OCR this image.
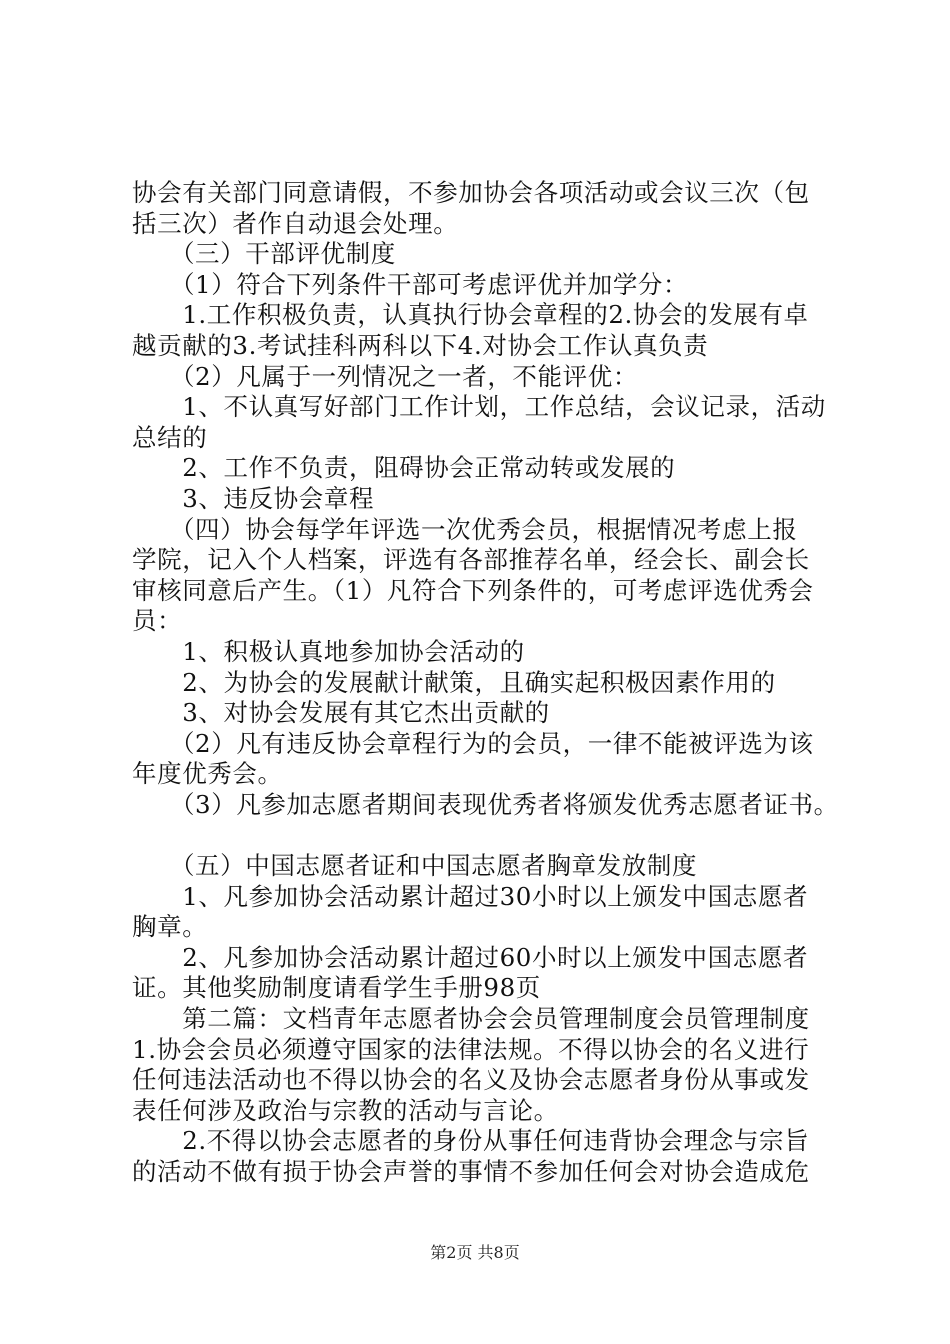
协会有关部门同意请假，不参加协会各项活动或会议三次（包
括三次）者作自动退会处理。
　　（三）干部评优制度
　　（1）符合下列条件干部可考虑评优并加学分：
　　1.工作积极负责，认真执行协会章程的2.协会的发展有卓
越贡献的3.考试挂科两科以下4.对协会工作认真负责
　　（2）凡属于一列情况之一者，不能评优：
　　1、不认真写好部门工作计划，工作总结，会议记录，活动
总结的
　　2、工作不负责，阻碍协会正常动转或发展的
　　3、违反协会章程
　　（四）协会每学年评选一次优秀会员，根据情况考虑上报
学院，记入个人档案，评选有各部推荐名单，经会长、副会长
审核同意后产生。（1）凡符合下列条件的，可考虑评选优秀会
员：
　　1、积极认真地参加协会活动的
　　2、为协会的发展献计献策，且确实起积极因素作用的
　　3、对协会发展有其它杰出贡献的
　　（2）凡有违反协会章程行为的会员，一律不能被评选为该
年度优秀会。
　　（3）凡参加志愿者期间表现优秀者将颁发优秀志愿者证书。
　　（五）中国志愿者证和中国志愿者胸章发放制度
　　1、凡参加协会活动累计超过30小时以上颁发中国志愿者
胸章。
　　2、凡参加协会活动累计超过60小时以上颁发中国志愿者
证。其他奖励制度请看学生手册98页
　　第二篇：文档青年志愿者协会会员管理制度会员管理制度
1.协会会员必须遵守国家的法律法规。不得以协会的名义进行
任何违法活动也不得以协会的名义及协会志愿者身份从事或发
表任何涉及政治与宗教的活动与言论。
　　2.不得以协会志愿者的身份从事任何违背协会理念与宗旨
的活动不做有损于协会声誉的事情不参加任何会对协会造成危
第2页 共8页
